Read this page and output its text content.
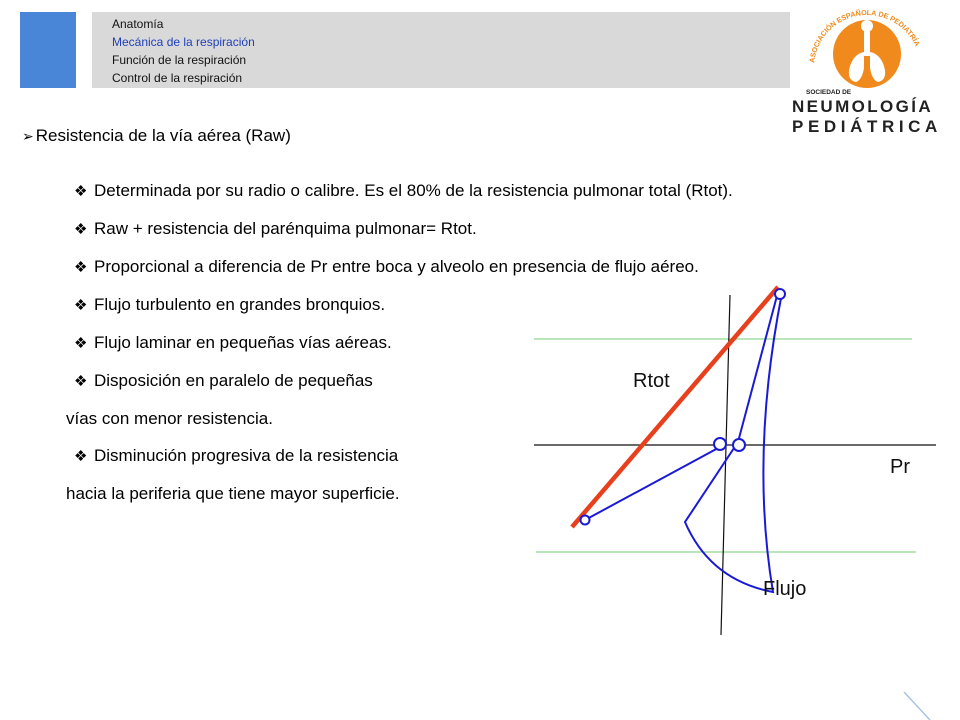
Anatomía
Mecánica de la respiración
Función de la respiración
Control de la respiración
ASOCIACIÓN ESPAÑOLA DE PEDIATRÍA
SOCIEDAD DE
NEUMOLOGÍA
PEDIÁTRICA
➢ Resistencia de la vía aérea (Raw)
❖ Determinada por su radio o calibre. Es el 80% de la resistencia pulmonar total (Rtot).
❖ Raw + resistencia del parénquima pulmonar= Rtot.
❖ Proporcional a diferencia de Pr entre boca y alveolo en presencia de flujo aéreo.
❖ Flujo turbulento en grandes bronquios.
❖ Flujo laminar en pequeñas vías aéreas.
❖ Disposición en paralelo de pequeñas
vías con menor resistencia.
❖ Disminución progresiva de la resistencia
hacia la periferia que tiene mayor superficie.
Rtot
Pr
Flujo
